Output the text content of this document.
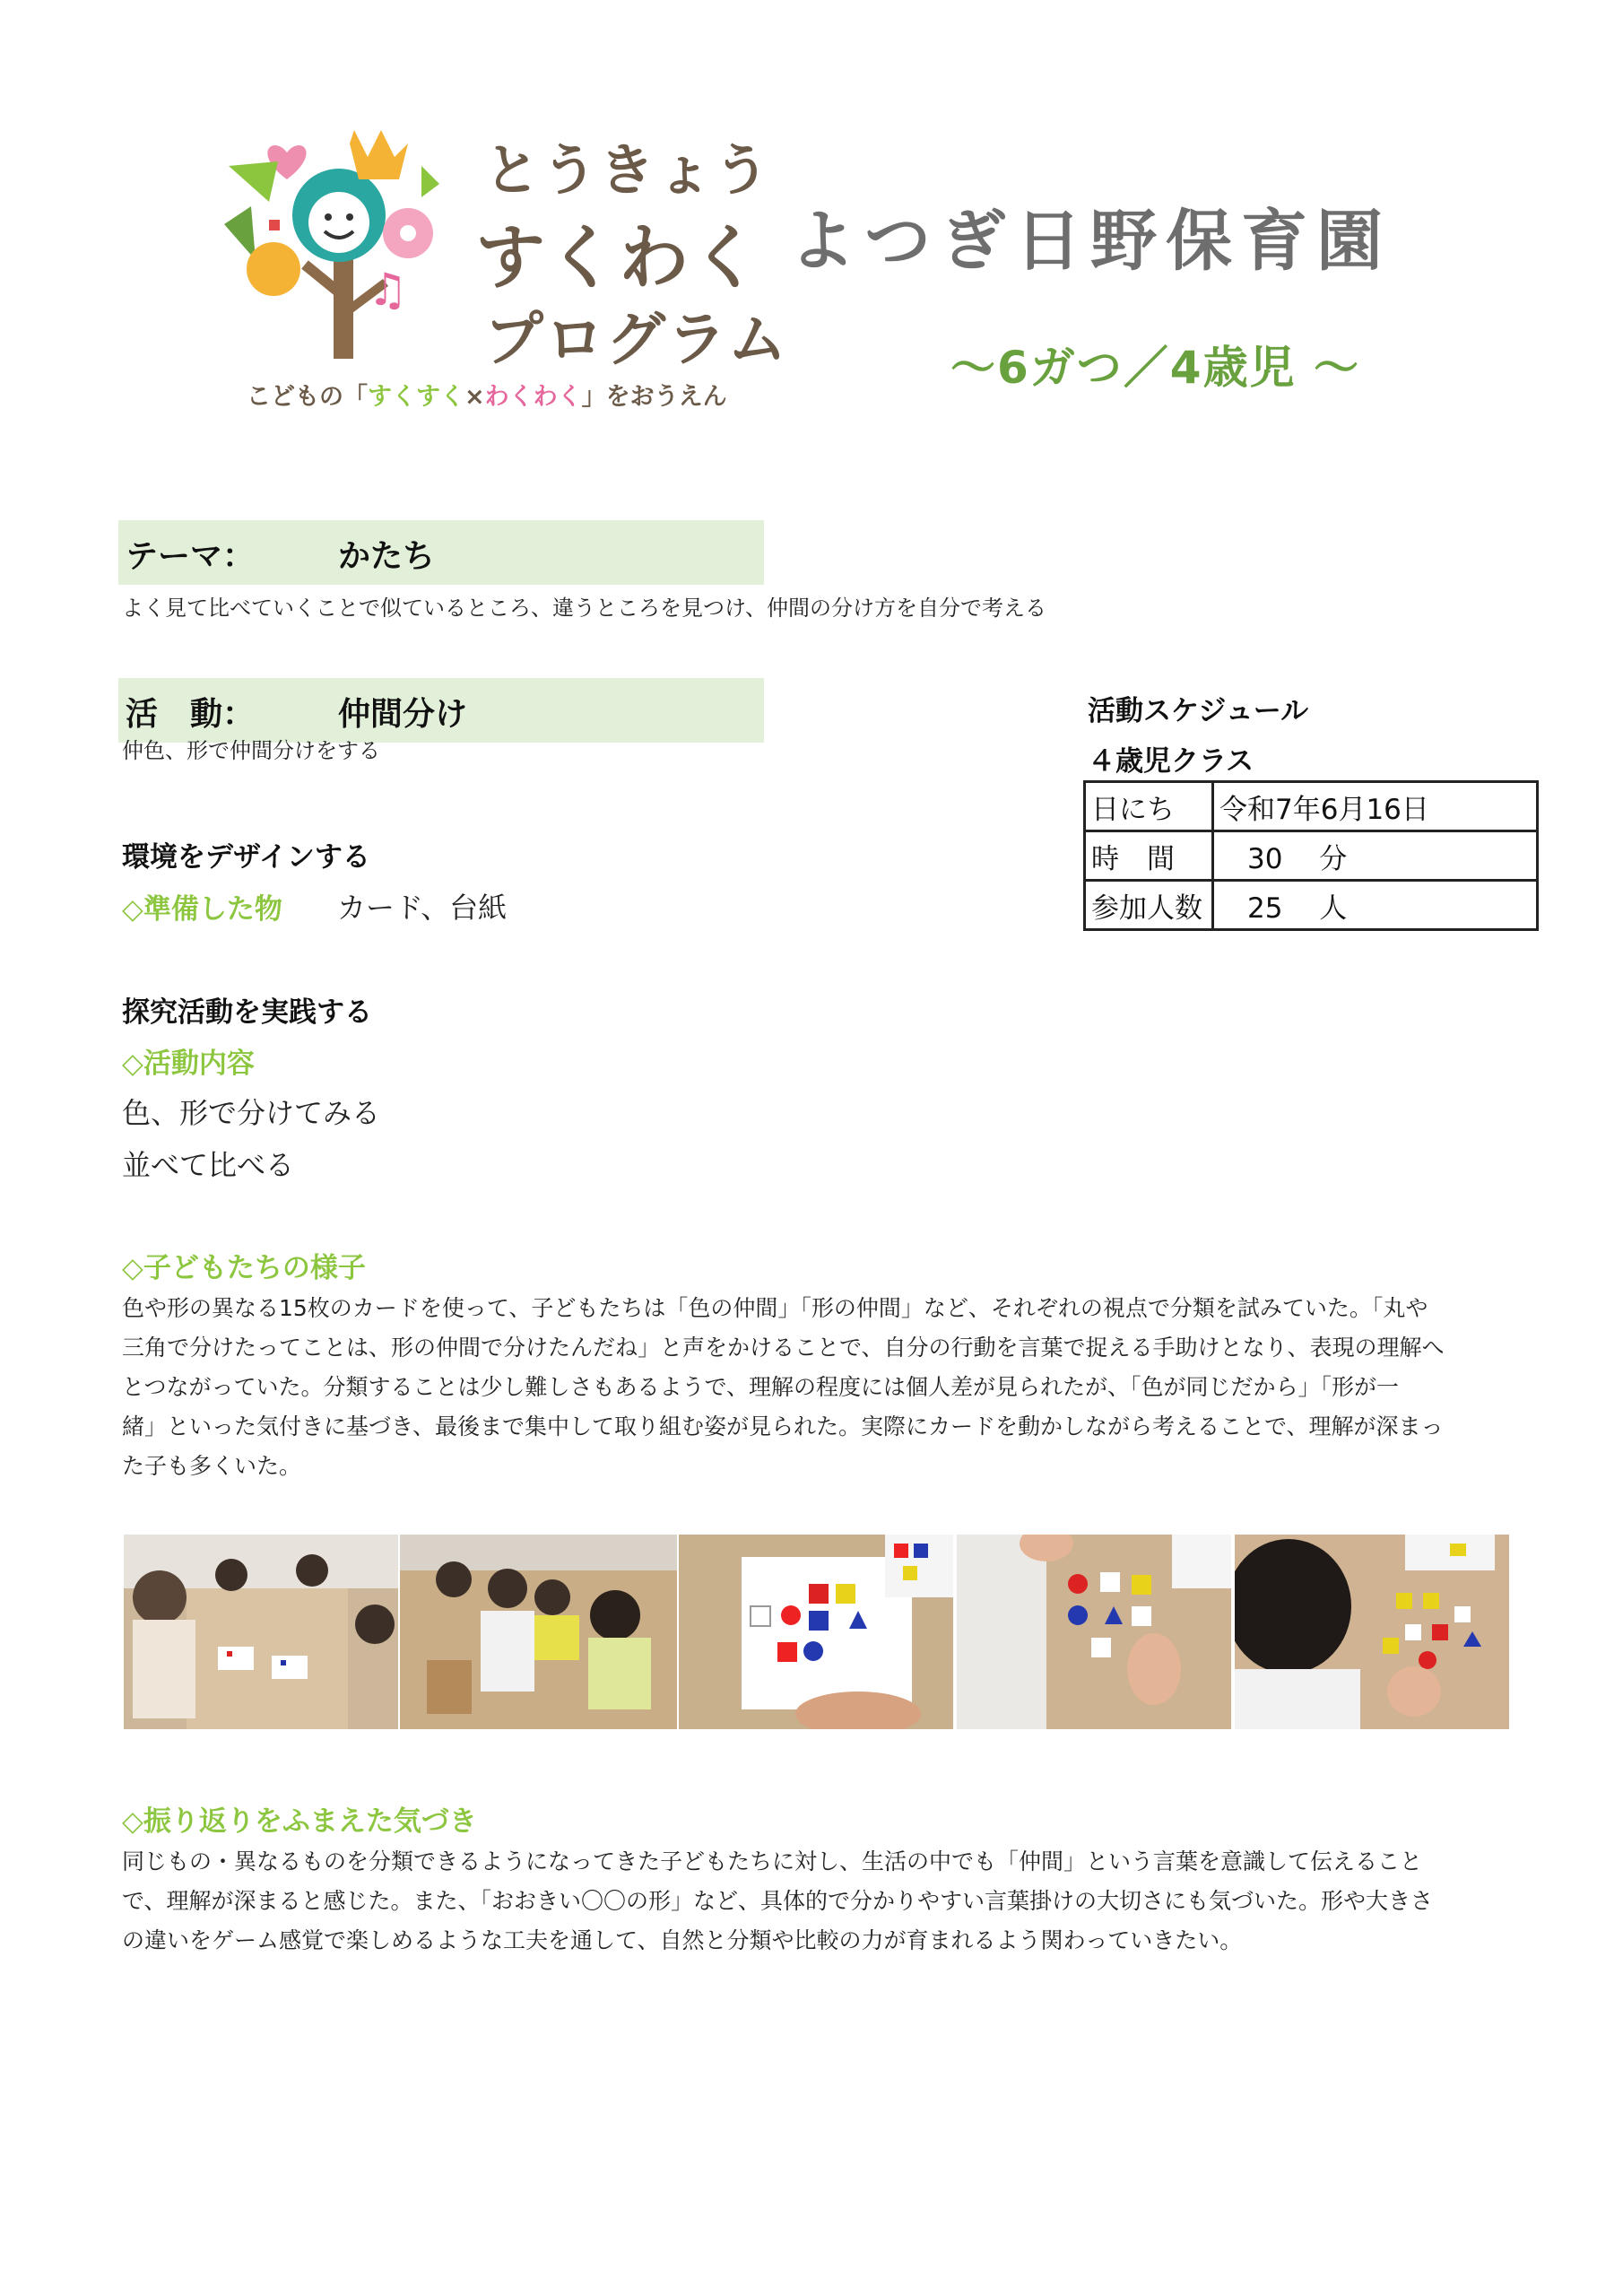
♫
とうきょう
すくわく
プログラム
こどもの「すくすく×わくわく」をおうえん
よつぎ日野保育園
～6ガつ／4歳児 ～
テーマ：	かたち
よく見て比べていくことで似ているところ、違うところを見つけ、仲間の分け方を自分で考える
活　動：	仲間分け
仲色、形で仲間分けをする
環境をデザインする
◇準備した物 カード、台紙
探究活動を実践する
◇活動内容
色、形で分けてみる
並べて比べる
◇子どもたちの様子
色や形の異なる15枚のカードを使って、子どもたちは「色の仲間」「形の仲間」など、それぞれの視点で分類を試みていた。「丸や
三角で分けたってことは、形の仲間で分けたんだね」と声をかけることで、自分の行動を言葉で捉える手助けとなり、表現の理解へ
とつながっていた。分類することは少し難しさもあるようで、理解の程度には個人差が見られたが、「色が同じだから」「形が一
緒」といった気付きに基づき、最後まで集中して取り組む姿が見られた。実際にカードを動かしながら考えることで、理解が深まっ
た子も多くいた。
◇振り返りをふまえた気づき
同じもの・異なるものを分類できるようになってきた子どもたちに対し、生活の中でも「仲間」という言葉を意識して伝えること
で、理解が深まると感じた。また、「おおきい〇〇の形」など、具体的で分かりやすい言葉掛けの大切さにも気づいた。形や大きさ
の違いをゲーム感覚で楽しめるような工夫を通して、自然と分類や比較の力が育まれるよう関わっていきたい。
活動スケジュール
４歳児クラス
日にち	令和7年6月16日
時　間	　30　 分
参加人数	　25　 人
